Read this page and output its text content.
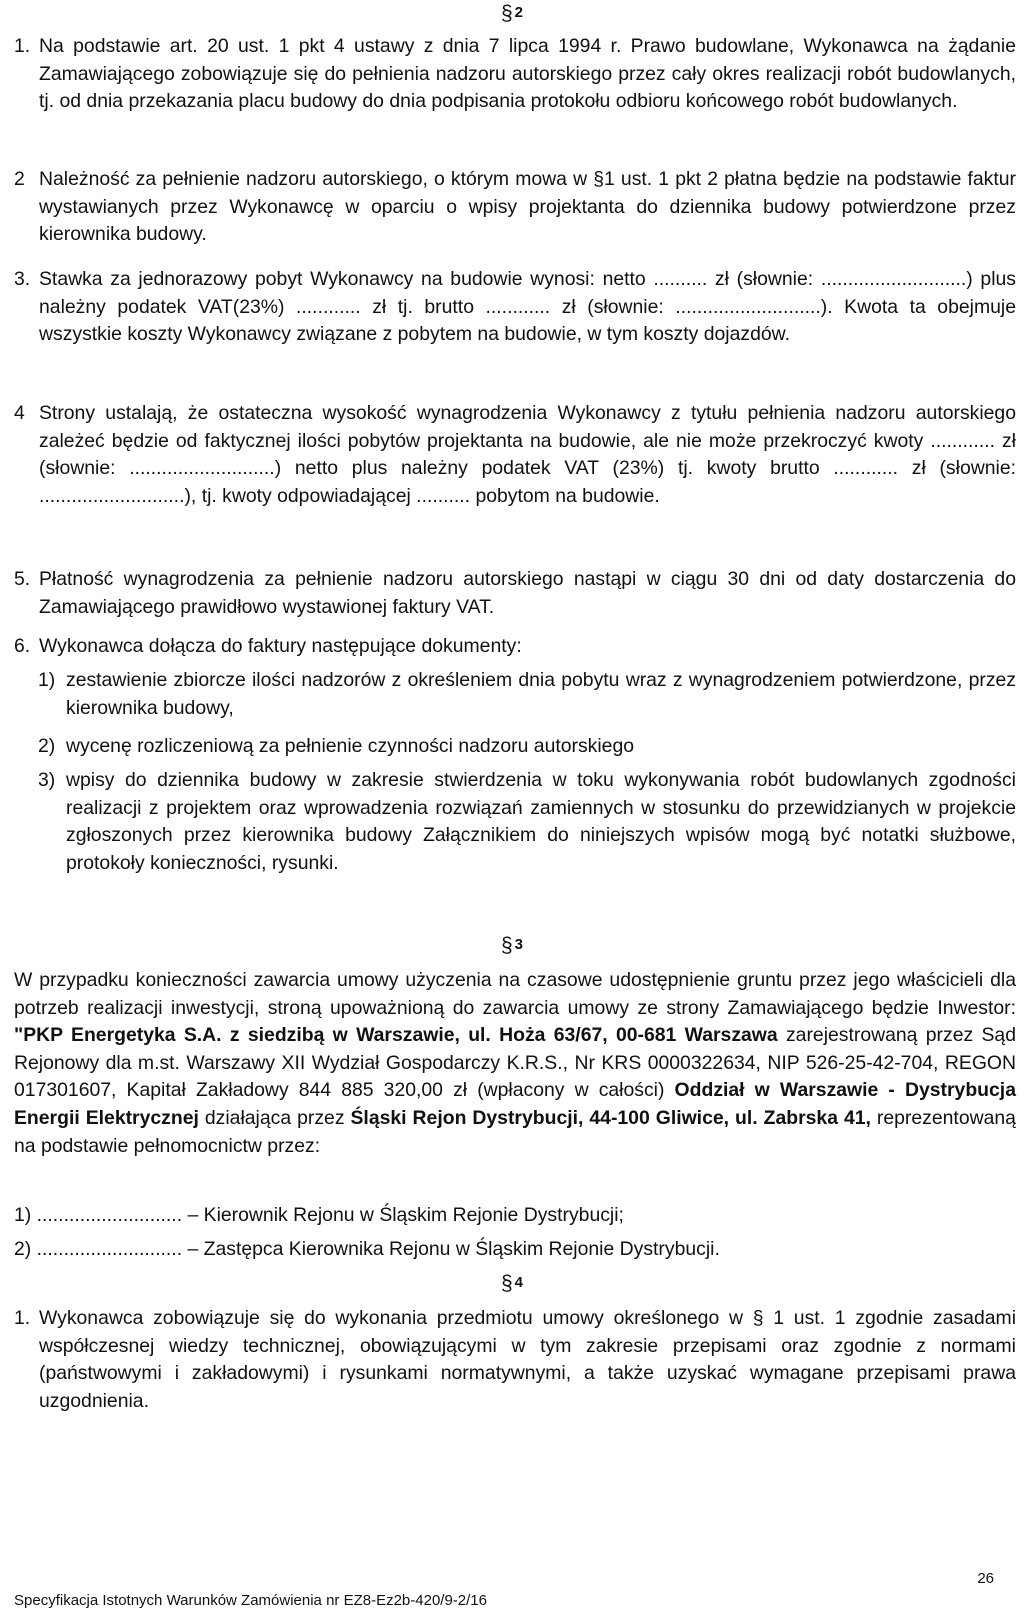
§ 2
1. Na podstawie art. 20 ust. 1 pkt 4 ustawy z dnia 7 lipca 1994 r. Prawo budowlane, Wykonawca na żądanie Zamawiającego zobowiązuje się do pełnienia nadzoru autorskiego przez cały okres realizacji robót budowlanych, tj. od dnia przekazania placu budowy do dnia podpisania protokołu odbioru końcowego robót budowlanych.
2 Należność za pełnienie nadzoru autorskiego, o którym mowa w §1 ust. 1 pkt 2 płatna będzie na podstawie faktur wystawianych przez Wykonawcę w oparciu o wpisy projektanta do dziennika budowy potwierdzone przez kierownika budowy.
3. Stawka za jednorazowy pobyt Wykonawcy na budowie wynosi: netto .......... zł (słownie: ...........................) plus należny podatek VAT(23%) ............ zł tj. brutto ............ zł (słownie: ...........................). Kwota ta obejmuje wszystkie koszty Wykonawcy związane z pobytem na budowie, w tym koszty dojazdów.
4 Strony ustalają, że ostateczna wysokość wynagrodzenia Wykonawcy z tytułu pełnienia nadzoru autorskiego zależeć będzie od faktycznej ilości pobytów projektanta na budowie, ale nie może przekroczyć kwoty ............ zł (słownie: ...........................) netto plus należny podatek VAT (23%) tj. kwoty brutto ............ zł (słownie: ...........................), tj. kwoty odpowiadającej .......... pobytom na budowie.
5. Płatność wynagrodzenia za pełnienie nadzoru autorskiego nastąpi w ciągu 30 dni od daty dostarczenia do Zamawiającego prawidłowo wystawionej faktury VAT.
6. Wykonawca dołącza do faktury następujące dokumenty:
1) zestawienie zbiorcze ilości nadzorów z określeniem dnia pobytu wraz z wynagrodzeniem potwierdzone, przez kierownika budowy,
2) wycenę rozliczeniową za pełnienie czynności nadzoru autorskiego
3) wpisy do dziennika budowy w zakresie stwierdzenia w toku wykonywania robót budowlanych zgodności realizacji z projektem oraz wprowadzenia rozwiązań zamiennych w stosunku do przewidzianych w projekcie zgłoszonych przez kierownika budowy Załącznikiem do niniejszych wpisów mogą być notatki służbowe, protokoły konieczności, rysunki.
§ 3
W przypadku konieczności zawarcia umowy użyczenia na czasowe udostępnienie gruntu przez jego właścicieli dla potrzeb realizacji inwestycji, stroną upoważnioną do zawarcia umowy ze strony Zamawiającego będzie Inwestor: "PKP Energetyka S.A. z siedzibą w Warszawie, ul. Hoża 63/67, 00-681 Warszawa zarejestrowaną przez Sąd Rejonowy dla m.st. Warszawy XII Wydział Gospodarczy K.R.S., Nr KRS 0000322634, NIP 526-25-42-704, REGON 017301607, Kapitał Zakładowy 844 885 320,00 zł (wpłacony w całości) Oddział w Warszawie - Dystrybucja Energii Elektrycznej działająca przez Śląski Rejon Dystrybucji, 44-100 Gliwice, ul. Zabrska 41, reprezentowaną na podstawie pełnomocnictw przez:
1) ........................... – Kierownik Rejonu w Śląskim Rejonie Dystrybucji;
2) ........................... – Zastępca Kierownika Rejonu w Śląskim Rejonie Dystrybucji.
§ 4
1. Wykonawca zobowiązuje się do wykonania przedmiotu umowy określonego w § 1 ust. 1 zgodnie zasadami współczesnej wiedzy technicznej, obowiązującymi w tym zakresie przepisami oraz zgodnie z normami (państwowymi i zakładowymi) i rysunkami normatywnymi, a także uzyskać wymagane przepisami prawa uzgodnienia.
26
Specyfikacja Istotnych Warunków Zamówienia nr EZ8-Ez2b-420/9-2/16
